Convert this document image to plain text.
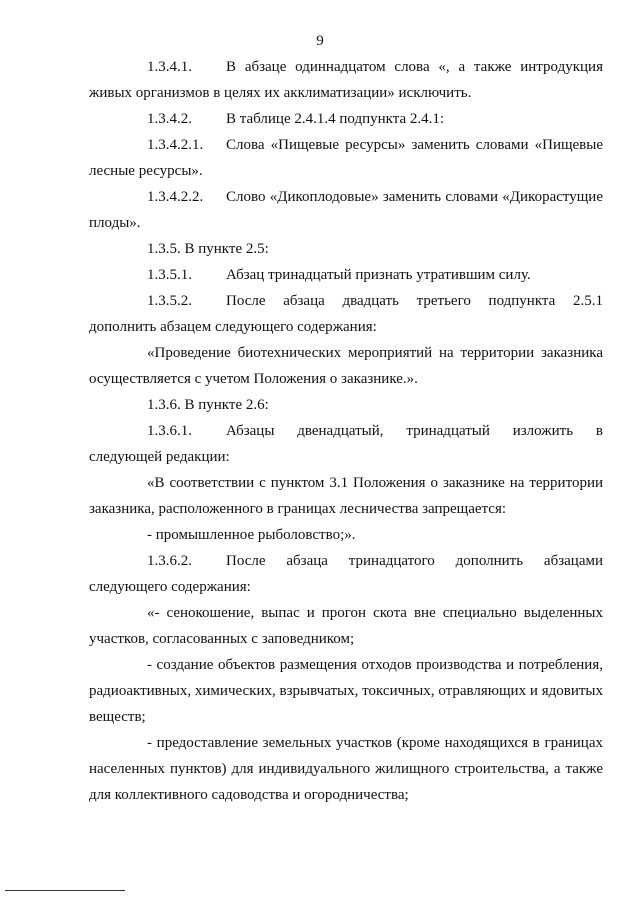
9

1.3.4.1. В абзаце одиннадцатом слова «, а также интродукция живых организмов в целях их акклиматизации» исключить.

1.3.4.2. В таблице 2.4.1.4 подпункта 2.4.1:

1.3.4.2.1. Слова «Пищевые ресурсы» заменить словами «Пищевые лесные ресурсы».

1.3.4.2.2. Слово «Дикоплодовые» заменить словами «Дикорастущие плоды».

1.3.5. В пункте 2.5:

1.3.5.1. Абзац тринадцатый признать утратившим силу.

1.3.5.2. После абзаца двадцать третьего подпункта 2.5.1 дополнить абзацем следующего содержания:

«Проведение биотехнических мероприятий на территории заказника осуществляется с учетом Положения о заказнике.».

1.3.6. В пункте 2.6:

1.3.6.1. Абзацы двенадцатый, тринадцатый изложить в следующей редакции:

«В соответствии с пунктом 3.1 Положения о заказнике на территории заказника, расположенного в границах лесничества запрещается:

- промышленное рыболовство;».

1.3.6.2. После абзаца тринадцатого дополнить абзацами следующего содержания:

«- сенокошение, выпас и прогон скота вне специально выделенных участков, согласованных с заповедником;

- создание объектов размещения отходов производства и потребления, радиоактивных, химических, взрывчатых, токсичных, отравляющих и ядовитых веществ;

- предоставление земельных участков (кроме находящихся в границах населенных пунктов) для индивидуального жилищного строительства, а также для коллективного садоводства и огородничества;
